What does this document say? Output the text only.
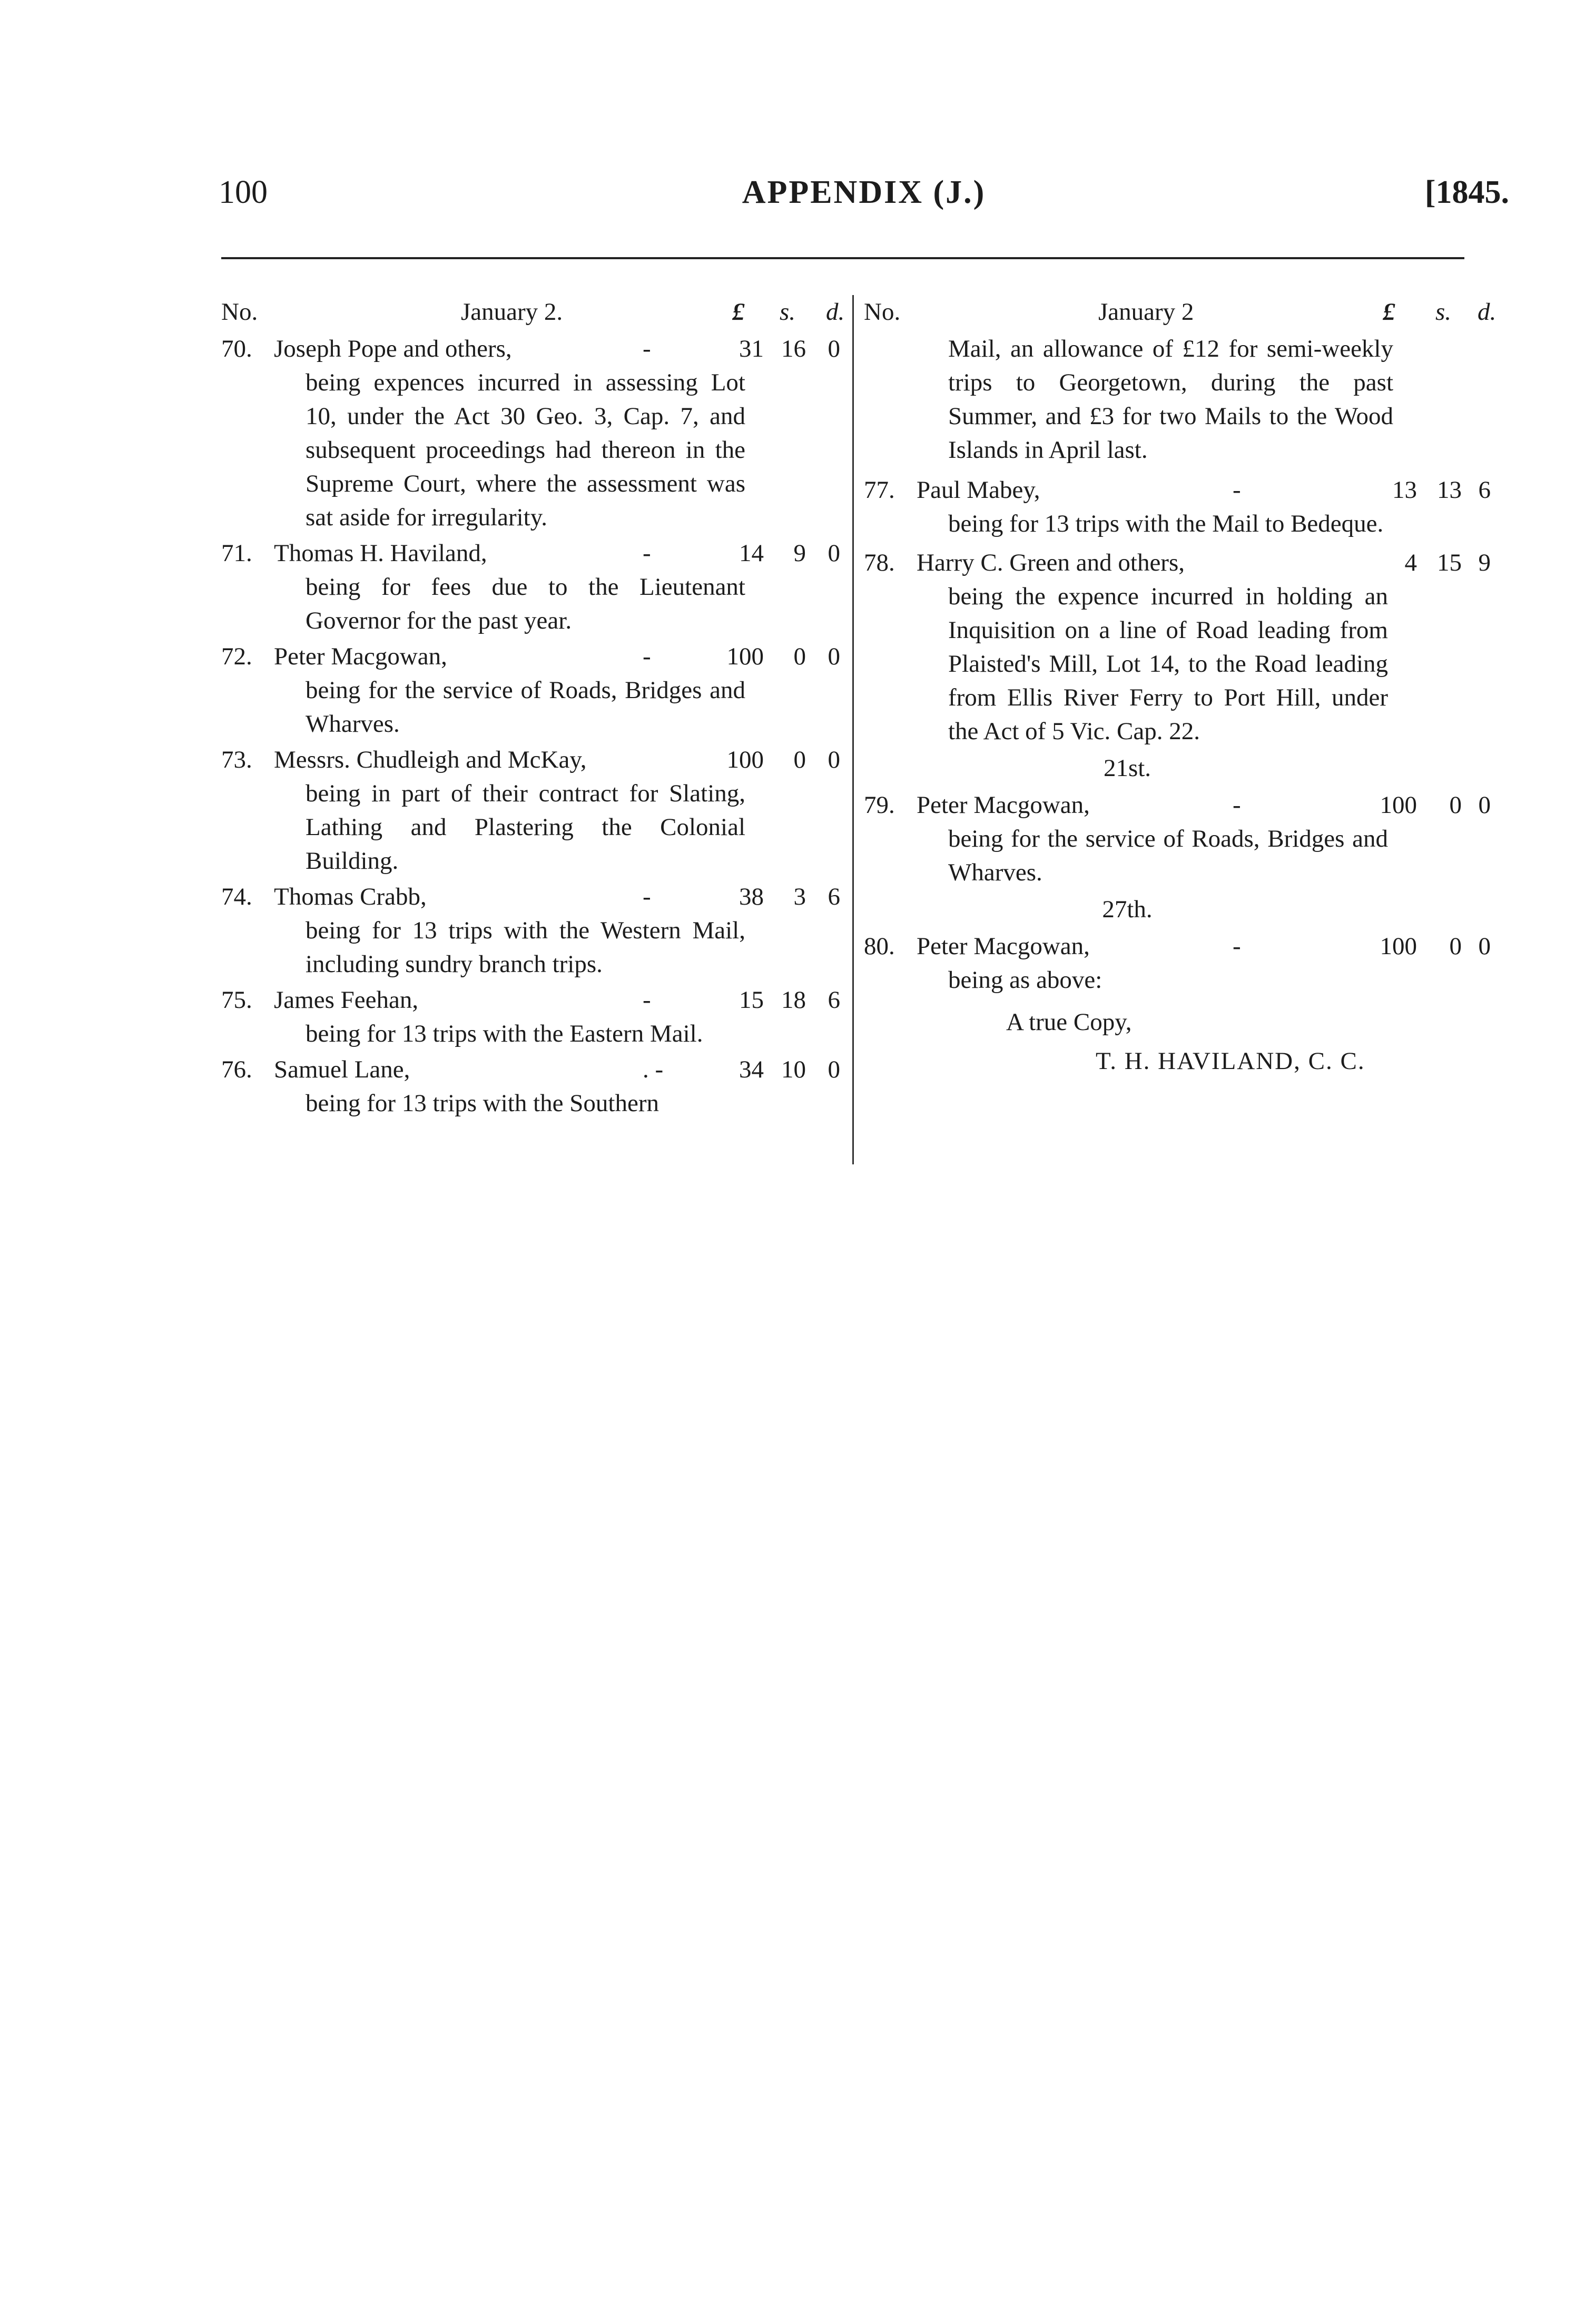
100	APPENDIX (J.)	[1845.
No.	January 2.	£ s. d.
70. Joseph Pope and others,	-	31 16 0
being expences incurred in assessing Lot 10, under the Act 30 Geo. 3, Cap. 7, and subsequent proceedings had thereon in the Supreme Court, where the assessment was sat aside for irregularity.
71. Thomas H. Haviland,	-	14	9 0
being for fees due to the Lieutenant Governor for the past year.
72. Peter Macgowan,	-	100	0 0
being for the service of Roads, Bridges and Wharves.
73. Messrs. Chudleigh and McKay,	100	0 0
being in part of their contract for Slating, Lathing and Plastering the Colonial Building.
74. Thomas Crabb,	-	38	3 6
being for 13 trips with the Western Mail, including sundry branch trips.
75. James Feehan,	-	15 18 6
being for 13 trips with the Eastern Mail.
76. Samuel Lane,	. -	34 10 0
being for 13 trips with the Southern
No.	January 2	£ s. d.
Mail, an allowance of £12 for semi-weekly trips to Georgetown, during the past Summer, and £3 for two Mails to the Wood Islands in April last.
77. Paul Mabey,	-	13 13 6
being for 13 trips with the Mail to Bedeque.
78. Harry C. Green and others,	4 15 9
being the expence incurred in holding an Inquisition on a line of Road leading from Plaisted's Mill, Lot 14, to the Road leading from Ellis River Ferry to Port Hill, under the Act of 5 Vic. Cap. 22.
21st.
79. Peter Macgowan,	-	100	0 0
being for the service of Roads, Bridges and Wharves.
27th.
80. Peter Macgowan,	-	100	0 0
being as above:
A true Copy,
T. H. HAVILAND, C. C.
